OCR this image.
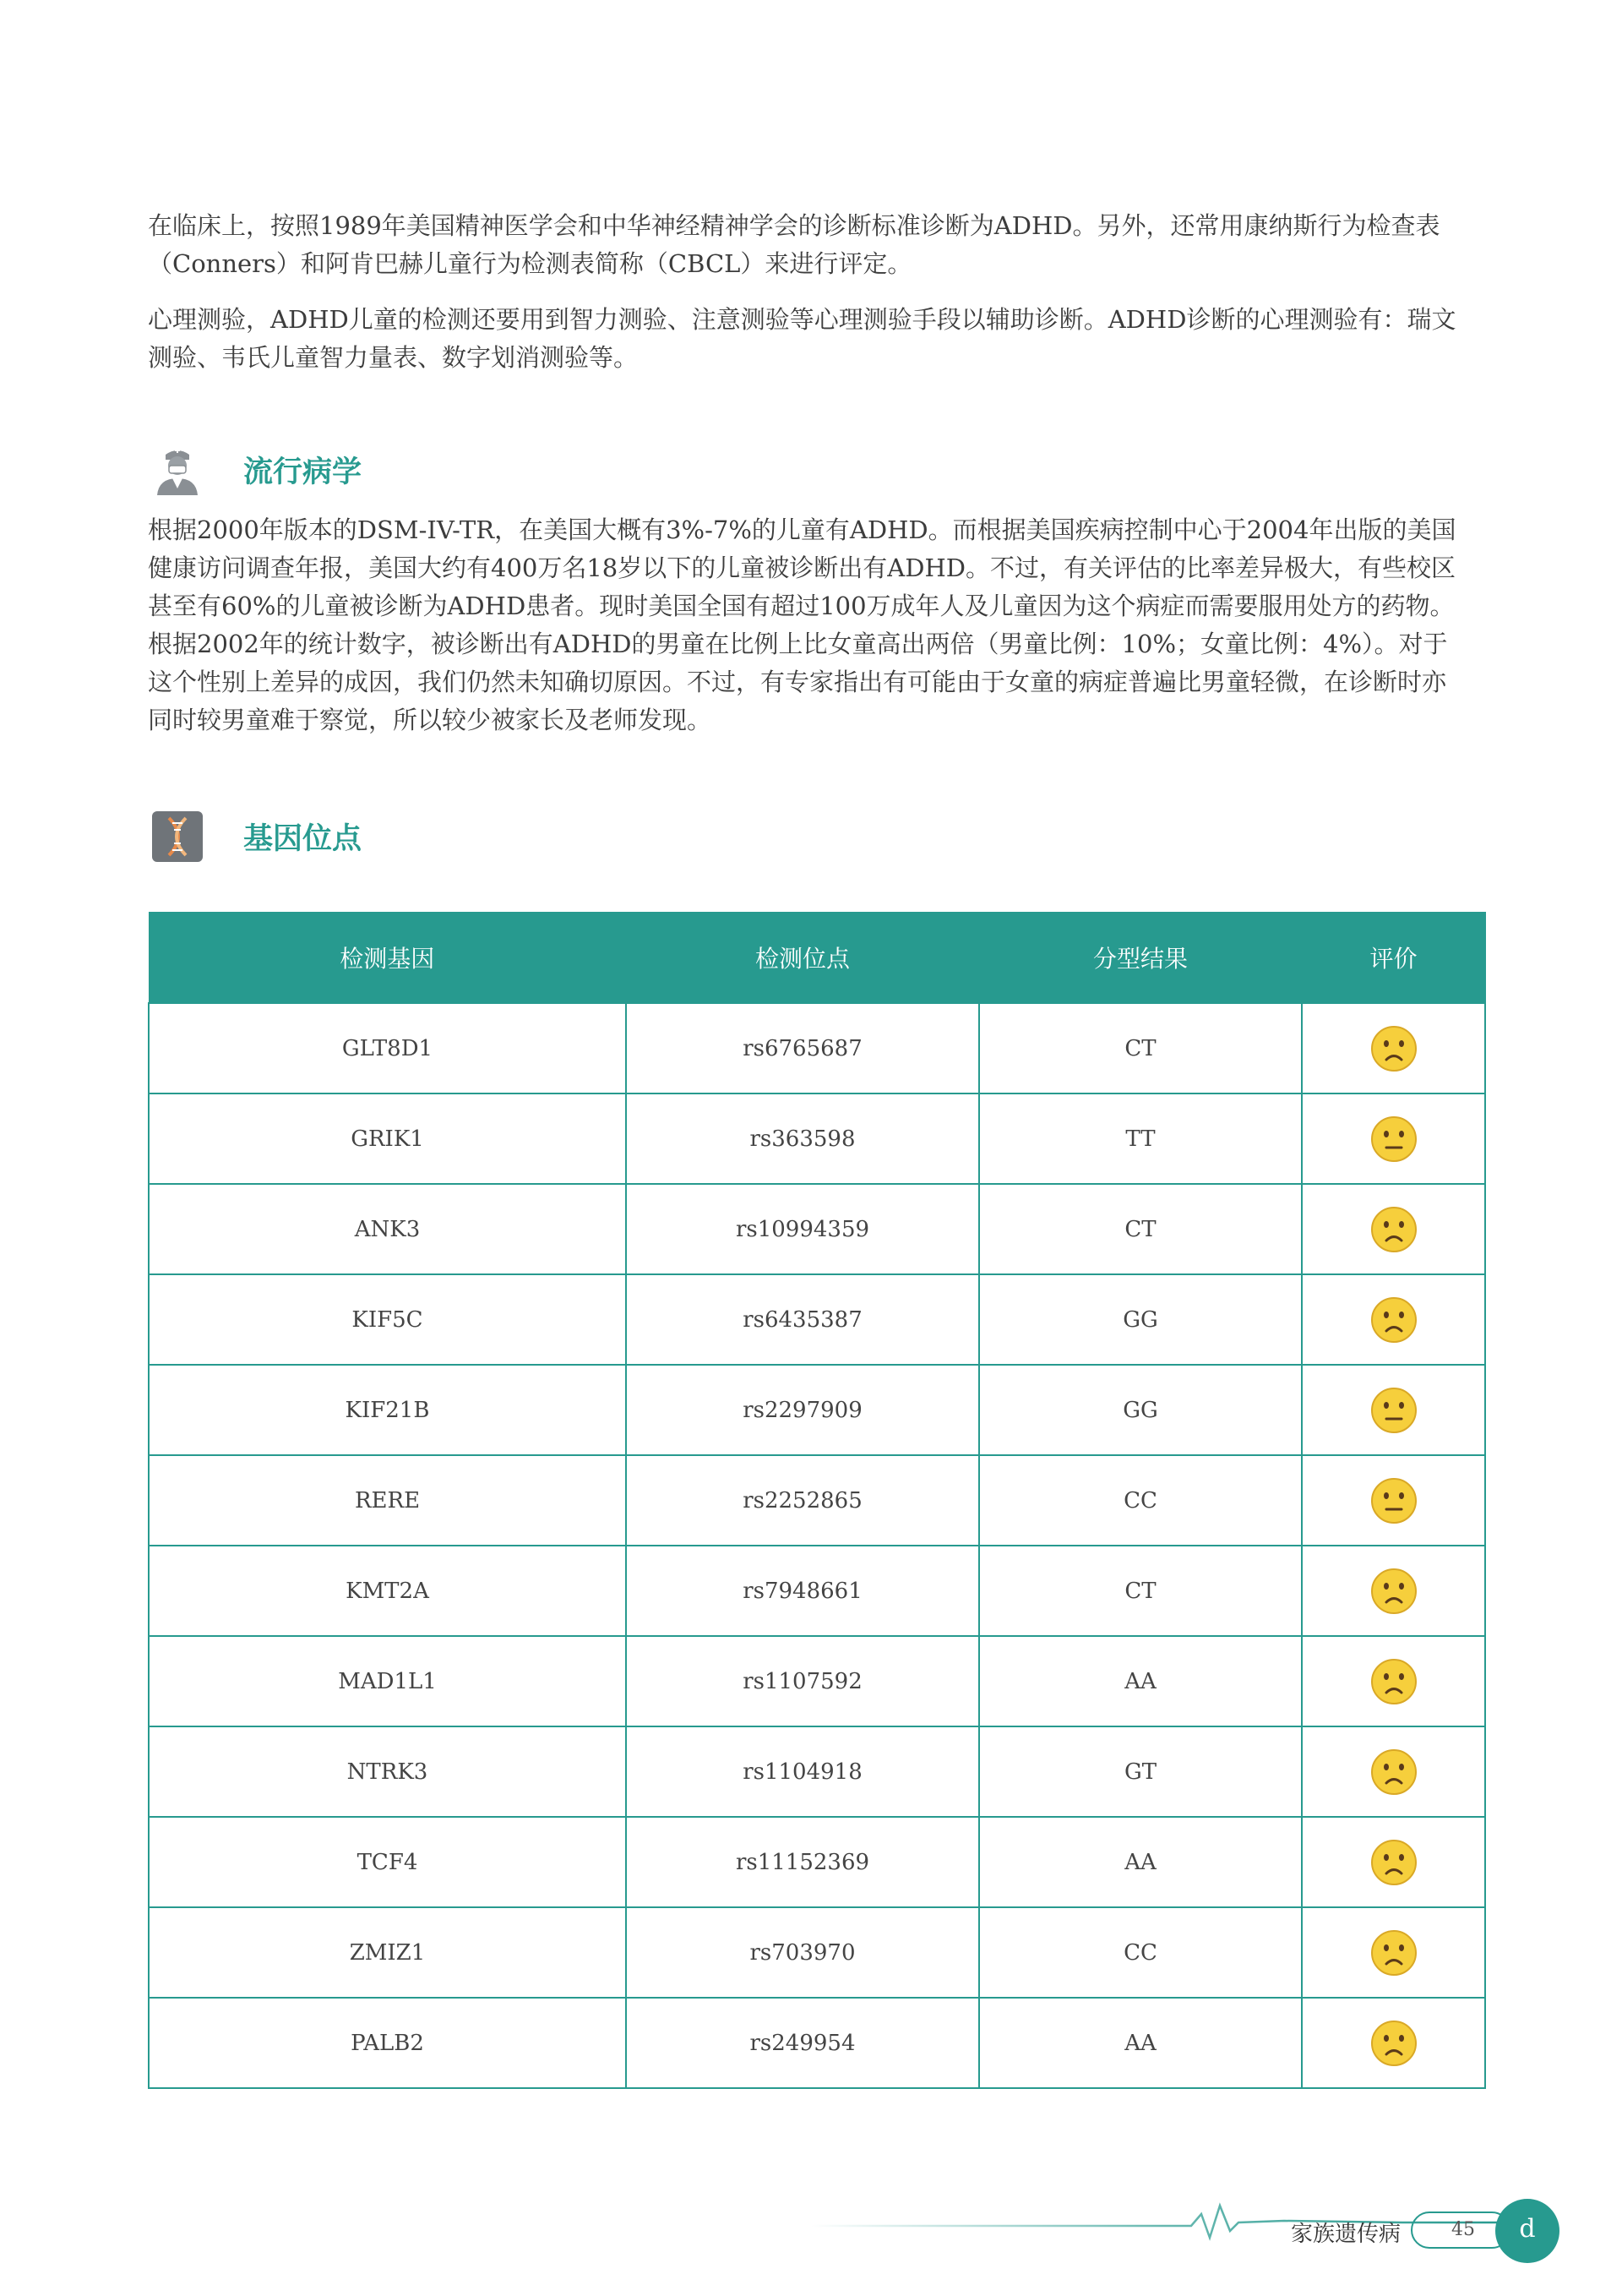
在临床上，按照1989年美国精神医学会和中华神经精神学会的诊断标准诊断为ADHD。另外，还常用康纳斯行为检查表（Conners）和阿肯巴赫儿童行为检测表简称（CBCL）来进行评定。

心理测验，ADHD儿童的检测还要用到智力测验、注意测验等心理测验手段以辅助诊断。ADHD诊断的心理测验有：瑞文测验、韦氏儿童智力量表、数字划消测验等。

流行病学

根据2000年版本的DSM-IV-TR，在美国大概有3%-7%的儿童有ADHD。而根据美国疾病控制中心于2004年出版的美国健康访问调查年报，美国大约有400万名18岁以下的儿童被诊断出有ADHD。不过，有关评估的比率差异极大，有些校区甚至有60%的儿童被诊断为ADHD患者。现时美国全国有超过100万成年人及儿童因为这个病症而需要服用处方的药物。根据2002年的统计数字，被诊断出有ADHD的男童在比例上比女童高出两倍（男童比例：10%；女童比例：4%）。对于这个性别上差异的成因，我们仍然未知确切原因。不过，有专家指出有可能由于女童的病症普遍比男童轻微，在诊断时亦同时较男童难于察觉，所以较少被家长及老师发现。

基因位点
检测基因	检测位点	分型结果	评价
GLT8D1	rs6765687	CT	
GRIK1	rs363598	TT	
ANK3	rs10994359	CT	
KIF5C	rs6435387	GG	
KIF21B	rs2297909	GG	
RERE	rs2252865	CC	
KMT2A	rs7948661	CT	
MAD1L1	rs1107592	AA	
NTRK3	rs1104918	GT	
TCF4	rs11152369	AA	
ZMIZ1	rs703970	CC	
PALB2	rs249954	AA	
家族遗传病	45	d
